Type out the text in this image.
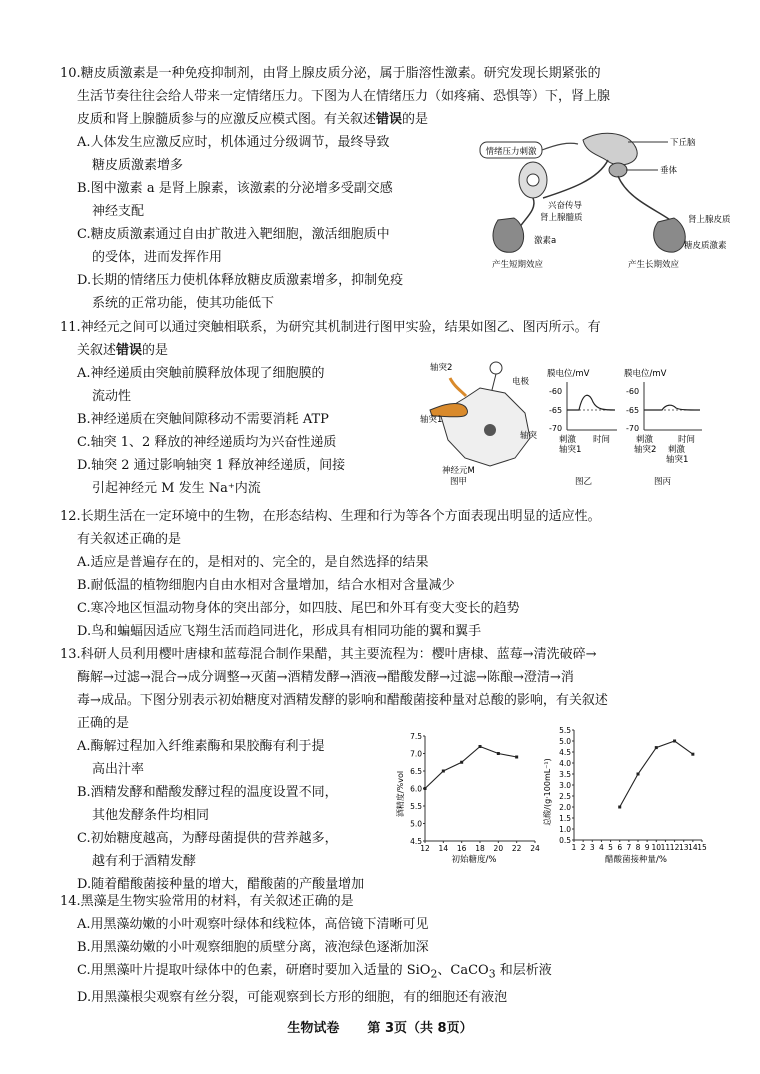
10.糖皮质激素是一种免疫抑制剂，由肾上腺皮质分泌，属于脂溶性激素。研究发现长期紧张的
生活节奏往往会给人带来一定情绪压力。下图为人在情绪压力（如疼痛、恐惧等）下，肾上腺
皮质和肾上腺髓质参与的应激反应模式图。有关叙述错误的是
A.人体发生应激反应时，机体通过分级调节，最终导致
糖皮质激素增多
B.图中激素 a 是肾上腺素，该激素的分泌增多受副交感
神经支配
C.糖皮质激素通过自由扩散进入靶细胞，激活细胞质中
的受体，进而发挥作用
D.长期的情绪压力使机体释放糖皮质激素增多，抑制免疫
系统的正常功能，使其功能低下
情绪压力刺激
下丘脑
垂体
兴奋传导
肾上腺髓质
激素a
肾上腺皮质
糖皮质激素
产生短期效应	产生长期效应
11.神经元之间可以通过突触相联系，为研究其机制进行图甲实验，结果如图乙、图丙所示。有
关叙述错误的是
A.神经递质由突触前膜释放体现了细胞膜的
流动性
B.神经递质在突触间隙移动不需要消耗 ATP
C.轴突 1、2 释放的神经递质均为兴奋性递质
D.轴突 2 通过影响轴突 1 释放神经递质，间接
引起神经元 M 发生 Na⁺内流
轴突2
电极
轴突1
轴突
神经元M
图甲
膜电位/mV
-60
-65
-70
时间
刺激
轴突1
图乙
膜电位/mV
-60
-65
-70
时间
刺激
轴突2 刺激
轴突1
图丙
12.长期生活在一定环境中的生物，在形态结构、生理和行为等各个方面表现出明显的适应性。
有关叙述正确的是
A.适应是普遍存在的，是相对的、完全的，是自然选择的结果
B.耐低温的植物细胞内自由水相对含量增加，结合水相对含量减少
C.寒冷地区恒温动物身体的突出部分，如四肢、尾巴和外耳有变大变长的趋势
D.鸟和蝙蝠因适应飞翔生活而趋同进化，形成具有相同功能的翼和翼手
13.科研人员利用樱叶唐棣和蓝莓混合制作果醋，其主要流程为：樱叶唐棣、蓝莓→清洗破碎→
酶解→过滤→混合→成分调整→灭菌→酒精发酵→酒液→醋酸发酵→过滤→陈酿→澄清→消
毒→成品。下图分别表示初始糖度对酒精发酵的影响和醋酸菌接种量对总酸的影响，有关叙述
正确的是
A.酶解过程加入纤维素酶和果胶酶有利于提
高出汁率
B.酒精发酵和醋酸发酵过程的温度设置不同，
其他发酵条件均相同
C.初始糖度越高，为酵母菌提供的营养越多，
越有利于酒精发酵
D.随着醋酸菌接种量的增大，醋酸菌的产酸量增加
12 14 16 18 20 22 24
4.5
5.0
5.5
6.0
6.5
7.0
7.5
初始糖度/%
酒精度/%vol
1 2 3 4 5 6 7 8 9 10 11 12 13 14 15
0.5
1.0
1.5
2.0
2.5
3.0
3.5
4.0
4.5
5.0
5.5
醋酸菌接种量/%
总酸/(g·100mL⁻¹)
14.黑藻是生物实验常用的材料，有关叙述正确的是
A.用黑藻幼嫩的小叶观察叶绿体和线粒体，高倍镜下清晰可见
B.用黑藻幼嫩的小叶观察细胞的质壁分离，液泡绿色逐渐加深
C.用黑藻叶片提取叶绿体中的色素，研磨时要加入适量的 SiO$_2$、CaCO$_3$ 和层析液
D.用黑藻根尖观察有丝分裂，可能观察到长方形的细胞，有的细胞还有液泡
生物试卷 第 3页（共 8页）
